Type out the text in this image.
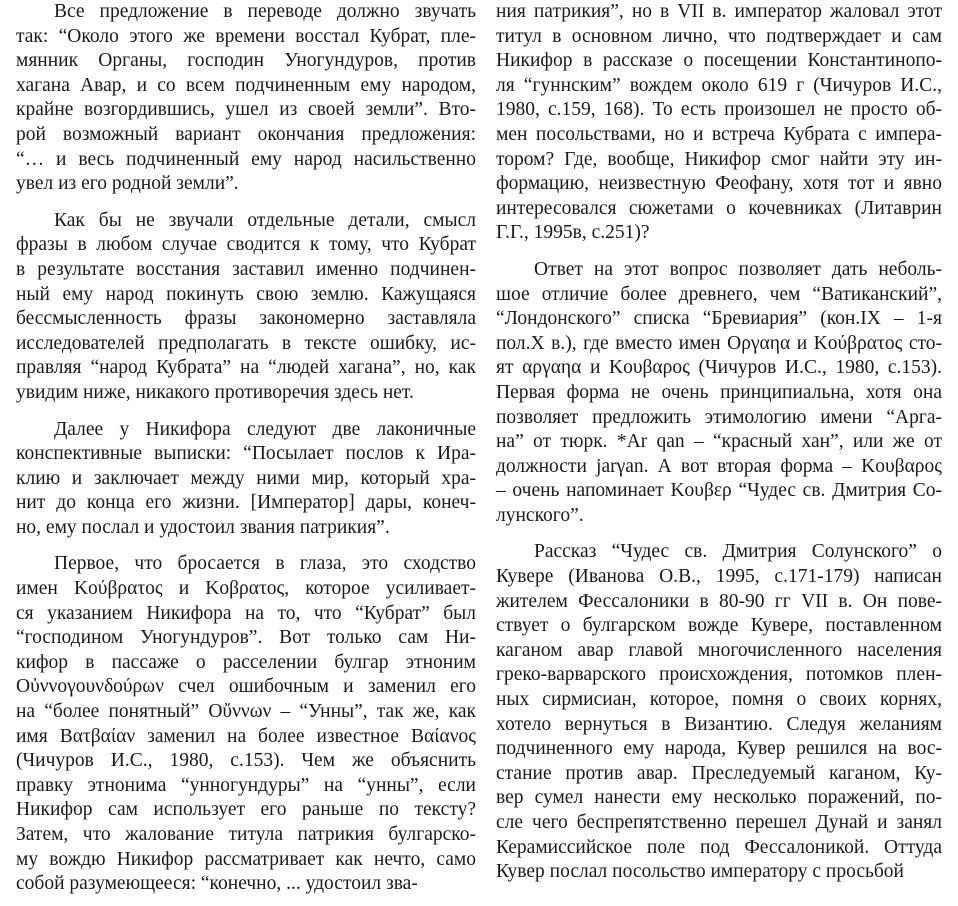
Все предложение в переводе должно звучать
так: “Около этого же времени восстал Кубрат, пле-
мянник Органы, господин Уногундуров, против
хагана Авар, и со всем подчиненным ему народом,
крайне возгордившись, ушел из своей земли”. Вто-
рой возможный вариант окончания предложения:
“… и весь подчиненный ему народ насильственно
увел из его родной земли”.
Как бы не звучали отдельные детали, смысл
фразы в любом случае сводится к тому, что Кубрат
в результате восстания заставил именно подчинен-
ный ему народ покинуть свою землю. Кажущаяся
бессмысленность фразы закономерно заставляла
исследователей предполагать в тексте ошибку, ис-
правляя “народ Кубрата” на “людей хагана”, но, как
увидим ниже, никакого противоречия здесь нет.
Далее у Никифора следуют две лаконичные
конспективные выписки: “Посылает послов к Ира-
клию и заключает между ними мир, который хра-
нит до конца его жизни. [Император] дары, конеч-
но, ему послал и удостоил звания патрикия”.
Первое, что бросается в глаза, это сходство
имен Κούβρατος и Κοβρατος, которое усиливает-
ся указанием Никифора на то, что “Кубрат” был
“господином Уногундуров”. Вот только сам Ни-
кифор в пассаже о расселении булгар этноним
Οὐννογουνδούρων счел ошибочным и заменил его
на “более понятный” Οὔννων – “Унны”, так же, как
имя Βατβαίαν заменил на более известное Βαίανος
(Чичуров И.С., 1980, с.153). Чем же объяснить
правку этнонима “унногундуры” на “унны”, если
Никифор сам использует его раньше по тексту?
Затем, что жалование титула патрикия булгарско-
му вождю Никифор рассматривает как нечто, само
собой разумеющееся: “конечно, ... удостоил зва-
ния патрикия”, но в VII в. император жаловал этот
титул в основном лично, что подтверждает и сам
Никифор в рассказе о посещении Константинопо-
ля “гуннским” вождем около 619 г (Чичуров И.С.,
1980, с.159, 168). То есть произошел не просто об-
мен посольствами, но и встреча Кубрата с импера-
тором? Где, вообще, Никифор смог найти эту ин-
формацию, неизвестную Феофану, хотя тот и явно
интересовался сюжетами о кочевниках (Литаврин
Г.Г., 1995в, с.251)?
Ответ на этот вопрос позволяет дать неболь-
шое отличие более древнего, чем “Ватиканский”,
“Лондонского” списка “Бревиария” (кон.IX – 1-я
пол.X в.), где вместо имен Οργαηα и Κούβρατος сто-
ят αργαηα и Κουβαρος (Чичуров И.С., 1980, с.153).
Первая форма не очень принципиальна, хотя она
позволяет предложить этимологию имени “Арга-
на” от тюрк. *Ar qan – “красный хан”, или же от
должности jarγan. А вот вторая форма – Κουβαρος
– очень напоминает Κουβερ “Чудес св. Дмитрия Со-
лунского”.
Рассказ “Чудес св. Дмитрия Солунского” о
Кувере (Иванова О.В., 1995, с.171-179) написан
жителем Фессалоники в 80-90 гг VII в. Он пове-
ствует о булгарском вожде Кувере, поставленном
каганом авар главой многочисленного населения
греко-варварского происхождения, потомков плен-
ных сирмисиан, которое, помня о своих корнях,
хотело вернуться в Византию. Следуя желаниям
подчиненного ему народа, Кувер решился на вос-
стание против авар. Преследуемый каганом, Ку-
вер сумел нанести ему несколько поражений, по-
сле чего беспрепятственно перешел Дунай и занял
Керамиссийское поле под Фессалоникой. Оттуда
Кувер послал посольство императору с просьбой
